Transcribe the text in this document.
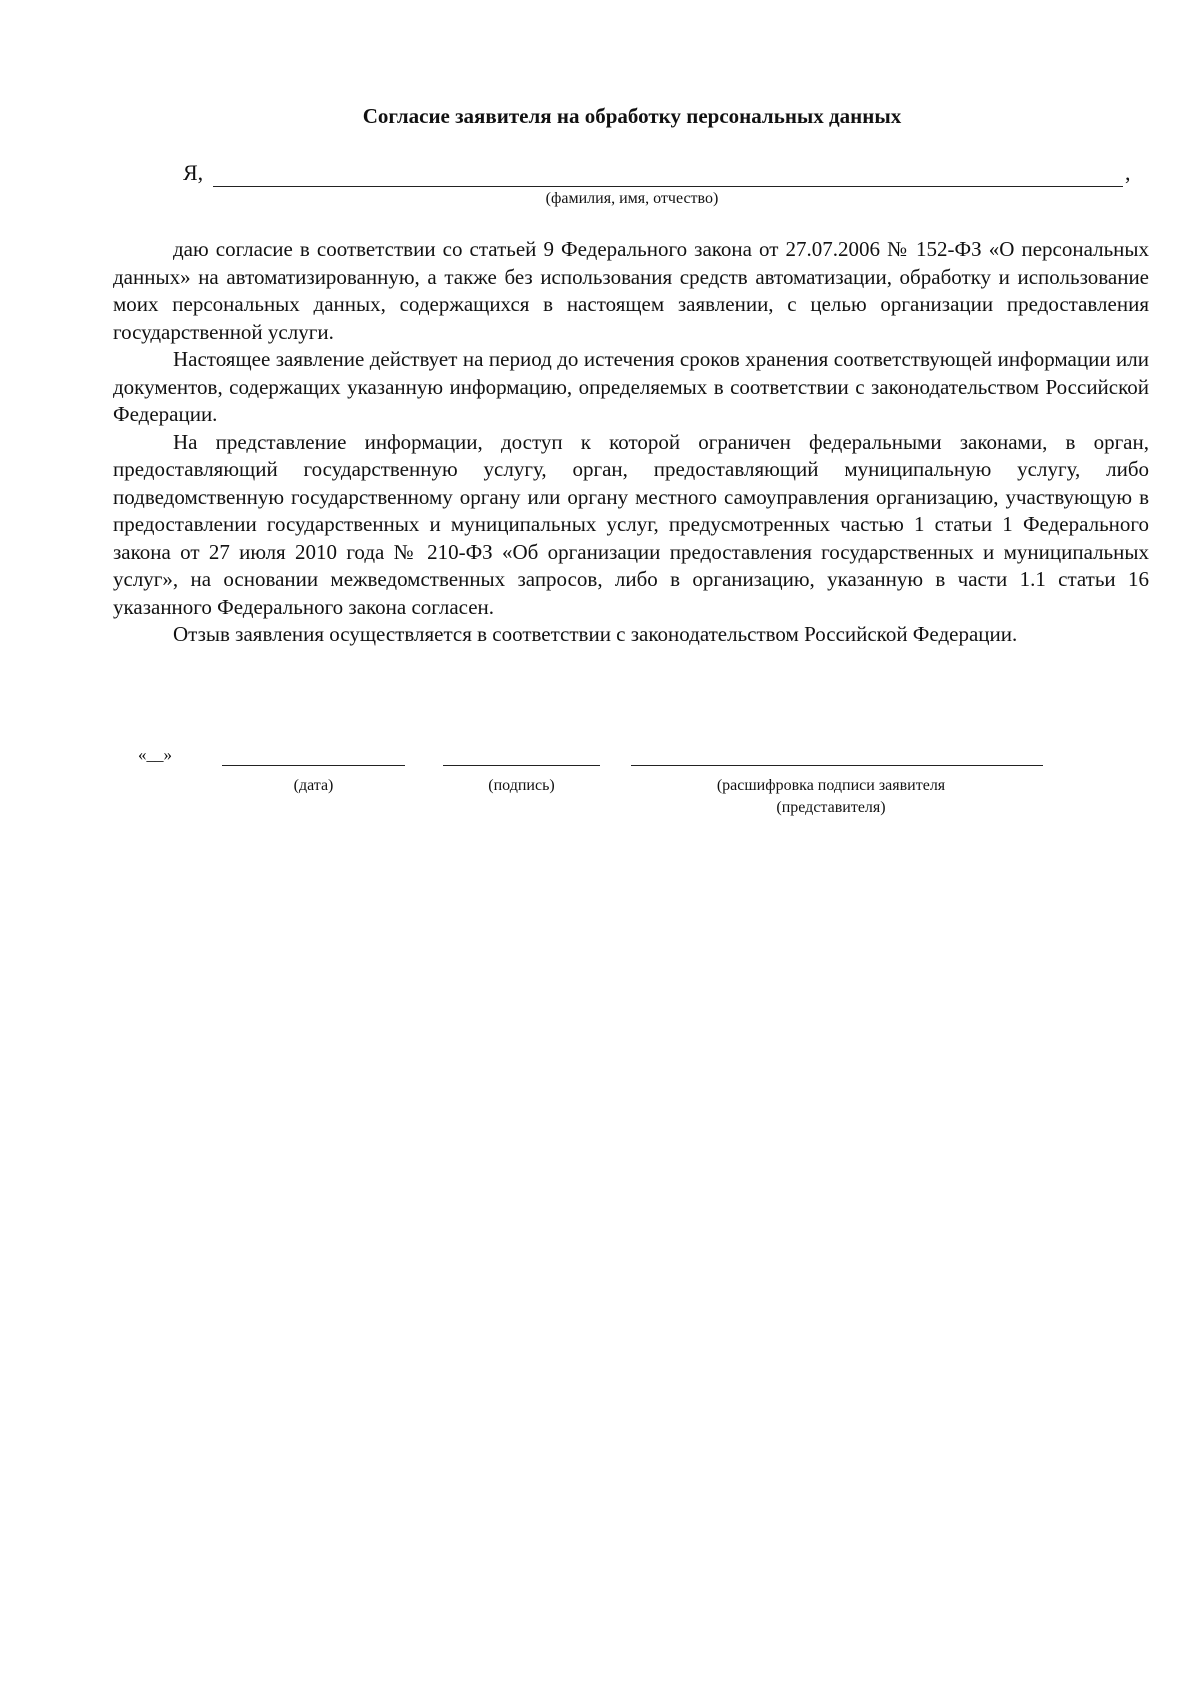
Согласие заявителя на обработку персональных данных
Я,	,
(фамилия, имя, отчество)

даю согласие в соответствии со статьей 9 Федерального закона от 27.07.2006 № 152-ФЗ «О персональных данных» на автоматизированную, а также без использования средств автоматизации, обработку и использование моих персональных данных, содержащихся в настоящем заявлении, с целью организации предоставления государственной услуги.

Настоящее заявление действует на период до истечения сроков хранения соответствующей информации или документов, содержащих указанную информацию, определяемых в соответствии с законодательством Российской Федерации.

На представление информации, доступ к которой ограничен федеральными законами, в орган, предоставляющий государственную услугу, орган, предоставляющий муниципальную услугу, либо подведомственную государственному органу или органу местного самоуправления организацию, участвующую в предоставлении государственных и муниципальных услуг, предусмотренных частью 1 статьи 1 Федерального закона от 27 июля 2010 года № 210-ФЗ «Об организации предоставления государственных и муниципальных услуг», на основании межведомственных запросов, либо в организацию, указанную в части 1.1 статьи 16 указанного Федерального закона согласен.

Отзыв заявления осуществляется в соответствии с законодательством Российской Федерации.

«__»
(дата)	(подпись)	(расшифровка подписи заявителя
(представителя)
